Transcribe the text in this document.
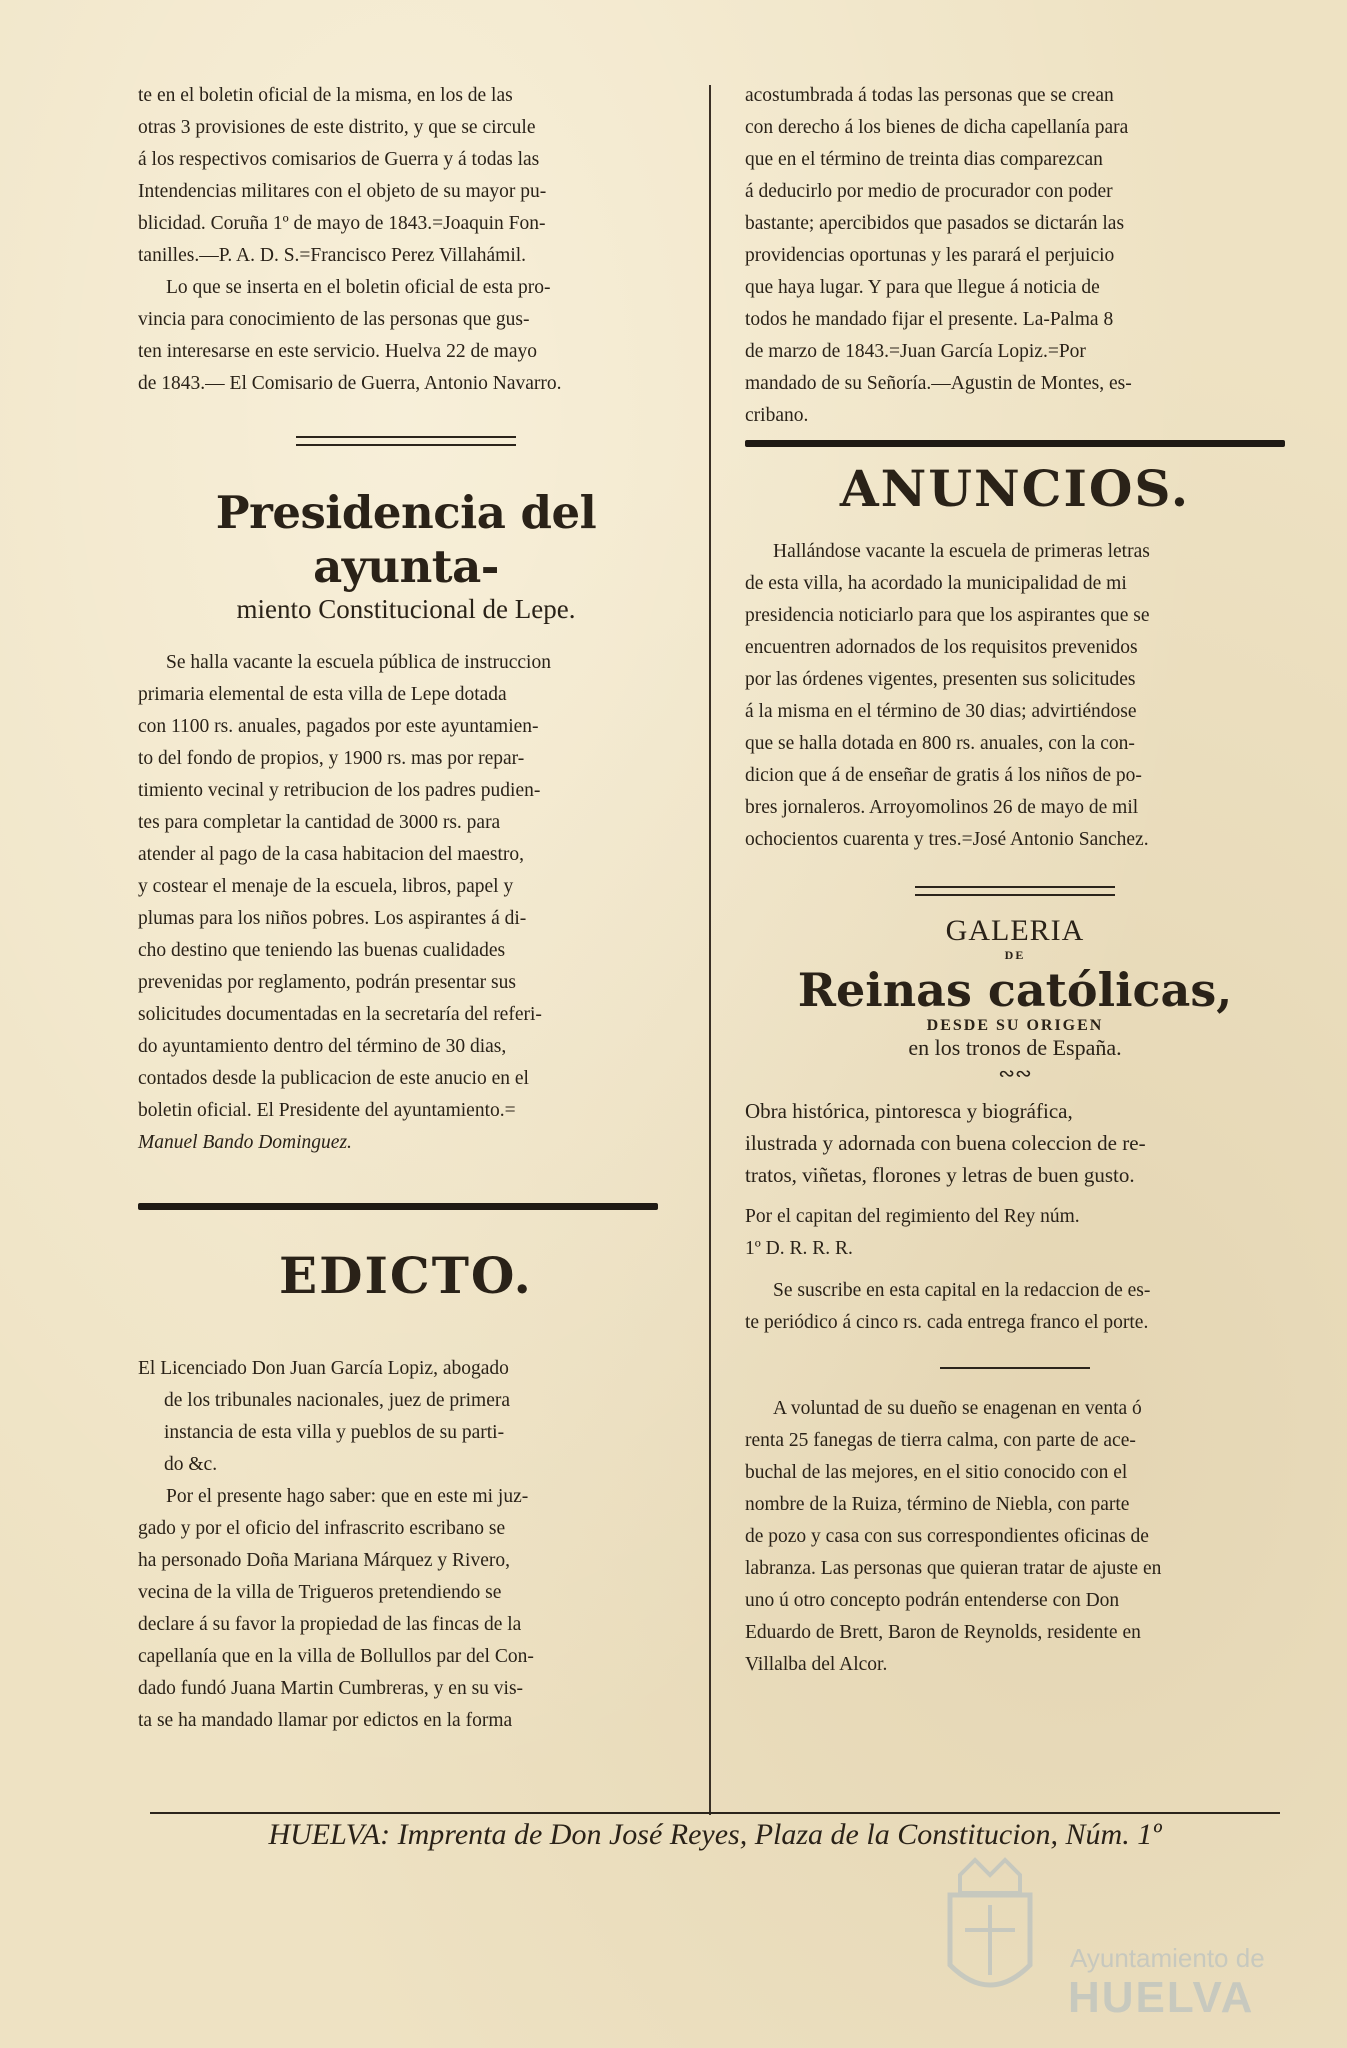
te en el boletin oficial de la misma, en los de las

otras 3 provisiones de este distrito, y que se circule

á los respectivos comisarios de Guerra y á todas las

Intendencias militares con el objeto de su mayor pu-

blicidad. Coruña 1º de mayo de 1843.=Joaquin Fon-

tanilles.—P. A. D. S.=Francisco Perez Villahámil.

Lo que se inserta en el boletin oficial de esta pro-

vincia para conocimiento de las personas que gus-

ten interesarse en este servicio. Huelva 22 de mayo

de 1843.— El Comisario de Guerra, Antonio Navarro.

Presidencia del ayunta-

miento Constitucional de Lepe.

Se halla vacante la escuela pública de instruccion

primaria elemental de esta villa de Lepe dotada

con 1100 rs. anuales, pagados por este ayuntamien-

to del fondo de propios, y 1900 rs. mas por repar-

timiento vecinal y retribucion de los padres pudien-

tes para completar la cantidad de 3000 rs. para

atender al pago de la casa habitacion del maestro,

y costear el menaje de la escuela, libros, papel y

plumas para los niños pobres. Los aspirantes á di-

cho destino que teniendo las buenas cualidades

prevenidas por reglamento, podrán presentar sus

solicitudes documentadas en la secretaría del referi-

do ayuntamiento dentro del término de 30 dias,

contados desde la publicacion de este anucio en el

boletin oficial. El Presidente del ayuntamiento.=

Manuel Bando Dominguez.

EDICTO.

El Licenciado Don Juan García Lopiz, abogado

de los tribunales nacionales, juez de primera

instancia de esta villa y pueblos de su parti-

do &c.

Por el presente hago saber: que en este mi juz-

gado y por el oficio del infrascrito escribano se

ha personado Doña Mariana Márquez y Rivero,

vecina de la villa de Trigueros pretendiendo se

declare á su favor la propiedad de las fincas de la

capellanía que en la villa de Bollullos par del Con-

dado fundó Juana Martin Cumbreras, y en su vis-

ta se ha mandado llamar por edictos en la forma

acostumbrada á todas las personas que se crean

con derecho á los bienes de dicha capellanía para

que en el término de treinta dias comparezcan

á deducirlo por medio de procurador con poder

bastante; apercibidos que pasados se dictarán las

providencias oportunas y les parará el perjuicio

que haya lugar. Y para que llegue á noticia de

todos he mandado fijar el presente. La-Palma 8

de marzo de 1843.=Juan García Lopiz.=Por

mandado de su Señoría.—Agustin de Montes, es-

cribano.

ANUNCIOS.

Hallándose vacante la escuela de primeras letras

de esta villa, ha acordado la municipalidad de mi

presidencia noticiarlo para que los aspirantes que se

encuentren adornados de los requisitos prevenidos

por las órdenes vigentes, presenten sus solicitudes

á la misma en el término de 30 dias; advirtiéndose

que se halla dotada en 800 rs. anuales, con la con-

dicion que á de enseñar de gratis á los niños de po-

bres jornaleros. Arroyomolinos 26 de mayo de mil

ochocientos cuarenta y tres.=José Antonio Sanchez.

GALERIA

DE

Reinas católicas,

DESDE SU ORIGEN

en los tronos de España.

∾∾

Obra histórica, pintoresca y biográfica,

ilustrada y adornada con buena coleccion de re-

tratos, viñetas, florones y letras de buen gusto.

Por el capitan del regimiento del Rey núm.

1º D. R. R. R.

Se suscribe en esta capital en la redaccion de es-

te periódico á cinco rs. cada entrega franco el porte.

A voluntad de su dueño se enagenan en venta ó

renta 25 fanegas de tierra calma, con parte de ace-

buchal de las mejores, en el sitio conocido con el

nombre de la Ruiza, término de Niebla, con parte

de pozo y casa con sus correspondientes oficinas de

labranza. Las personas que quieran tratar de ajuste en

uno ú otro concepto podrán entenderse con Don

Eduardo de Brett, Baron de Reynolds, residente en

Villalba del Alcor.

HUELVA: Imprenta de Don José Reyes, Plaza de la Constitucion, Núm. 1º
Ayuntamiento de
HUELVA
